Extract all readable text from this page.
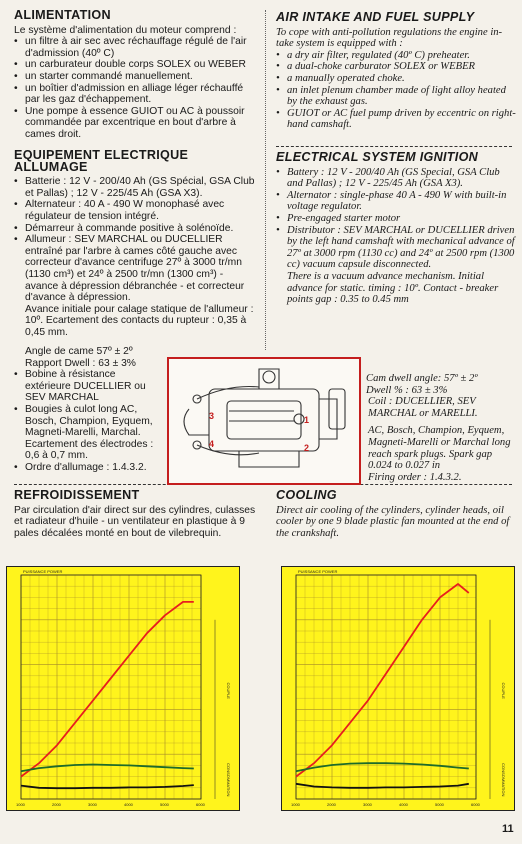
ALIMENTATION

Le système d'alimentation du moteur comprend :

• un filtre à air sec avec réchauffage régulé de l'air d'admission (40º C)
• un carburateur double corps SOLEX ou WEBER
• un starter commandé manuellement.
• un boîtier d'admission en alliage léger réchauffé par les gaz d'échappement.
• Une pompe à essence GUIOT ou AC à poussoir commandée par excentrique en bout d'arbre à cames droit.
EQUIPEMENT ELECTRIQUE ALLUMAGE
• Batterie : 12 V - 200/40 Ah (GS Spécial, GSA Club et Pallas) ; 12 V - 225/45 Ah (GSA X3).
• Alternateur : 40 A - 490 W monophasé avec régulateur de tension intégré.
• Démarreur à commande positive à solénoïde.
• Allumeur : SEV MARCHAL ou DUCELLIER entraîné par l'arbre à cames côté gauche avec correcteur d'avance centrifuge 27º à 3000 tr/mn (1130 cm³) et 24º à 2500 tr/mn (1300 cm³) - avance à dépression débranchée - et correcteur d'avance à dépression.

Avance initiale pour calage statique de l'allumeur : 10º. Ecartement des contacts du rupteur : 0,35 à 0,45 mm.

Angle de came 57º ± 2º Rapport Dwell : 63 ± 3%

• Bobine à résistance extérieure DUCELLIER ou SEV MARCHAL
• Bougies à culot long AC, Bosch, Champion, Eyquem, Magneti-Marelli, Marchal. Ecartement des électrodes : 0,6 à 0,7 mm.
• Ordre d'allumage : 1.4.3.2.
REFROIDISSEMENT

Par circulation d'air direct sur des cylindres, culasses et radiateur d'huile - un ventilateur en plastique à 9 pales décalées monté en bout de vilebrequin.

AIR INTAKE AND FUEL SUPPLY

To cope with anti-pollution regulations the engine in-take system is equipped with :

• a dry air filter, regulated (40º C) preheater.
• a dual-choke carburator SOLEX or WEBER
• a manually operated choke.
• an inlet plenum chamber made of light alloy heated by the exhaust gas.
• GUIOT or AC fuel pump driven by eccentric on right-hand camshaft.
ELECTRICAL SYSTEM IGNITION
• Battery : 12 V - 200/40 Ah (GS Special, GSA Club and Pallas) ; 12 V - 225/45 Ah (GSA X3).
• Alternator : single-phase 40 A - 490 W with built-in voltage regulator.
• Pre-engaged starter motor
• Distributor : SEV MARCHAL or DUCELLIER driven by the left hand camshaft with mechanical advance of 27º at 3000 rpm (1130 cc) and 24º at 2500 rpm (1300 cc) vacuum capsule disconnected.

There is a vacuum advance mechanism. Initial advance for static. timing : 10º. Contact - breaker points gap : 0.35 to 0.45 mm

Cam dwell angle: 57º ± 2º

Dwell % : 63 ± 3%

• Coil : DUCELLIER, SEV MARCHAL or MARELLI.
• AC, Bosch, Champion, Eyquem, Magneti-Marelli or Marchal long reach spark plugs. Spark gap 0.024 to 0.027 in
• Firing order : 1.4.3.2.
COOLING

Direct air cooling of the cylinders, cylinder heads, oil cooler by one 9 blade plastic fan mounted at the end of the crankshaft.

1
2
3
4
COUPLE
CONSOMMATION
PUISSANCE POWER
1000	2000	3000	4000	5000	6000
COUPLE
CONSOMMATION
PUISSANCE POWER
1000	2000	3000	4000	5000	6000
11
